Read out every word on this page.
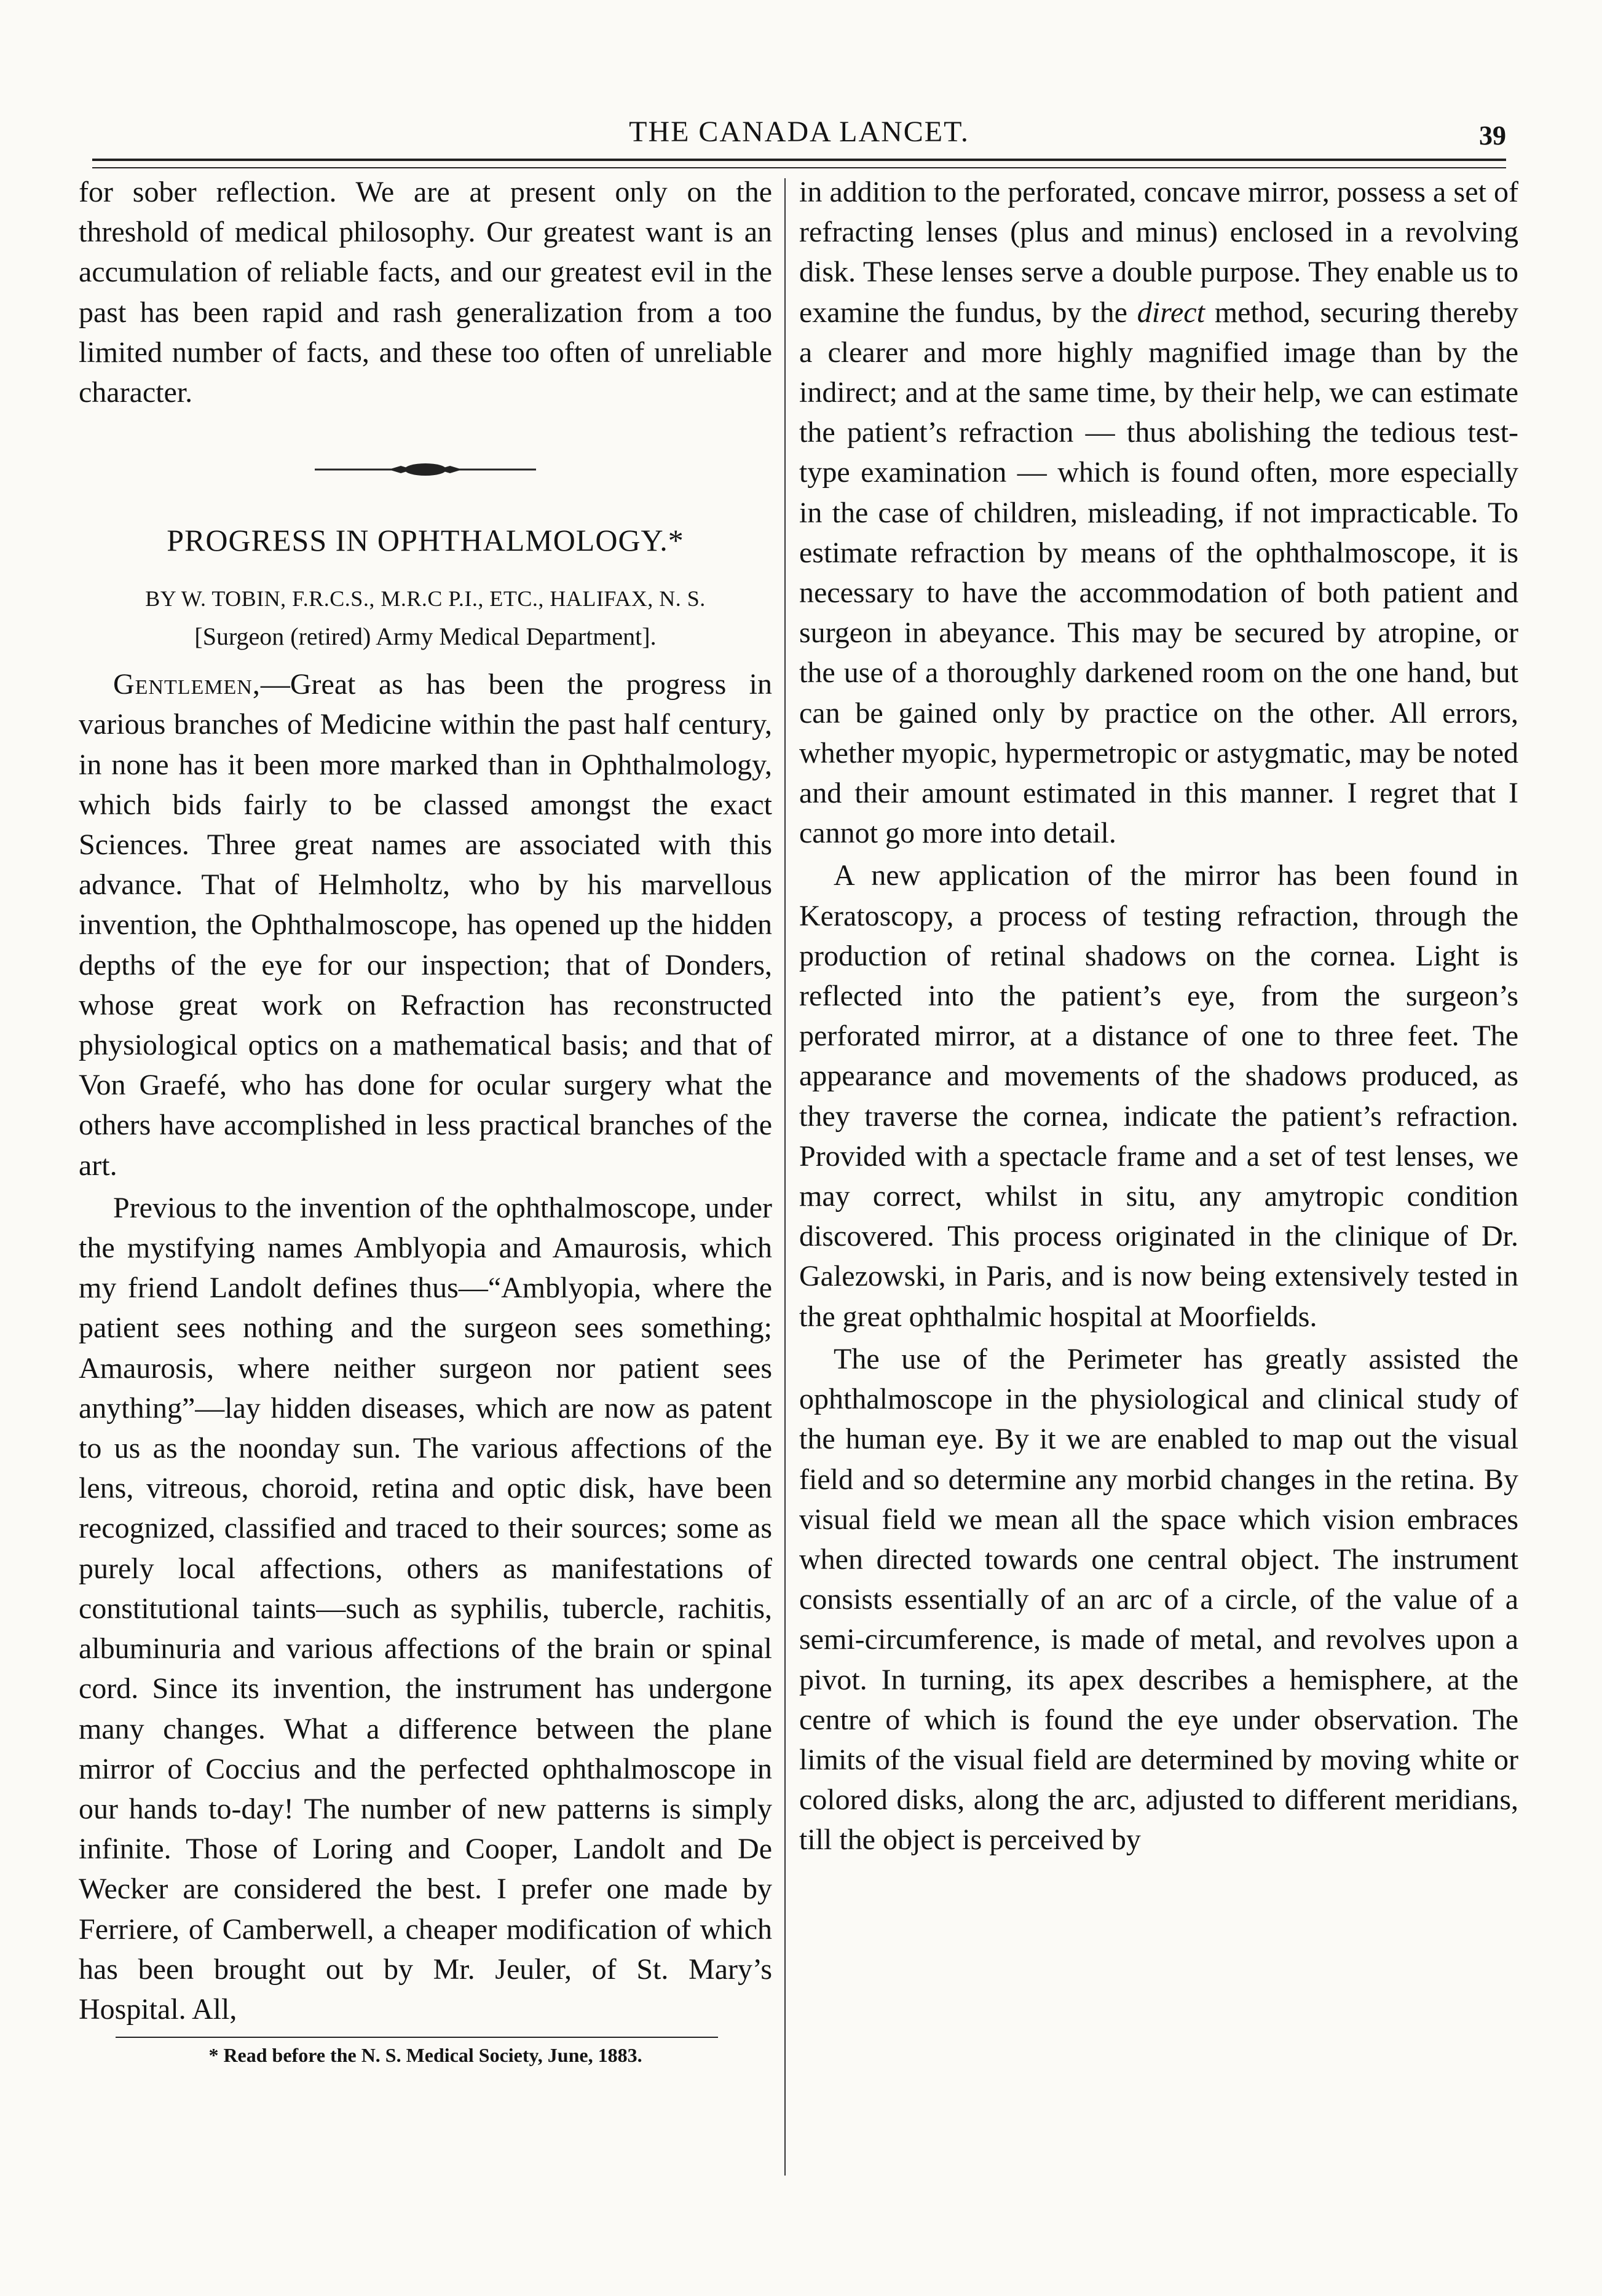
THE CANADA LANCET.	39

for sober reflection. We are at present only on the threshold of medical philosophy. Our greatest want is an accumulation of reliable facts, and our greatest evil in the past has been rapid and rash generalization from a too limited number of facts, and these too often of unreliable character.

PROGRESS IN OPHTHALMOLOGY.*
BY W. TOBIN, F.R.C.S., M.R.C P.I., ETC., HALIFAX, N. S.
[Surgeon (retired) Army Medical Department].

Gentlemen,—Great as has been the progress in various branches of Medicine within the past half century, in none has it been more marked than in Ophthalmology, which bids fairly to be classed amongst the exact Sciences. Three great names are associated with this advance. That of Helmholtz, who by his marvellous invention, the Ophthalmoscope, has opened up the hidden depths of the eye for our inspection; that of Donders, whose great work on Refraction has reconstructed physiological optics on a mathematical basis; and that of Von Graefé, who has done for ocular surgery what the others have accomplished in less practical branches of the art.

Previous to the invention of the ophthalmoscope, under the mystifying names Amblyopia and Amaurosis, which my friend Landolt defines thus—“Amblyopia, where the patient sees nothing and the surgeon sees something; Amaurosis, where neither surgeon nor patient sees anything”—lay hidden diseases, which are now as patent to us as the noonday sun. The various affections of the lens, vitreous, choroid, retina and optic disk, have been recognized, classified and traced to their sources; some as purely local affections, others as manifestations of constitutional taints—such as syphilis, tubercle, rachitis, albuminuria and various affections of the brain or spinal cord. Since its invention, the instrument has undergone many changes. What a difference between the plane mirror of Coccius and the perfected ophthalmoscope in our hands to-day! The number of new patterns is simply infinite. Those of Loring and Cooper, Landolt and De Wecker are considered the best. I prefer one made by Ferriere, of Camberwell, a cheaper modification of which has been brought out by Mr. Jeuler, of St. Mary’s Hospital. All,

* Read before the N. S. Medical Society, June, 1883.

in addition to the perforated, concave mirror, possess a set of refracting lenses (plus and minus) enclosed in a revolving disk. These lenses serve a double purpose. They enable us to examine the fundus, by the direct method, securing thereby a clearer and more highly magnified image than by the indirect; and at the same time, by their help, we can estimate the patient’s refraction — thus abolishing the tedious test-type examination — which is found often, more especially in the case of children, misleading, if not impracticable. To estimate refraction by means of the ophthalmoscope, it is necessary to have the accommodation of both patient and surgeon in abeyance. This may be secured by atropine, or the use of a thoroughly darkened room on the one hand, but can be gained only by practice on the other. All errors, whether myopic, hypermetropic or astygmatic, may be noted and their amount estimated in this manner. I regret that I cannot go more into detail.

A new application of the mirror has been found in Keratoscopy, a process of testing refraction, through the production of retinal shadows on the cornea. Light is reflected into the patient’s eye, from the surgeon’s perforated mirror, at a distance of one to three feet. The appearance and movements of the shadows produced, as they traverse the cornea, indicate the patient’s refraction. Provided with a spectacle frame and a set of test lenses, we may correct, whilst in situ, any amytropic condition discovered. This process originated in the clinique of Dr. Galezowski, in Paris, and is now being extensively tested in the great ophthalmic hospital at Moorfields.

The use of the Perimeter has greatly assisted the ophthalmoscope in the physiological and clinical study of the human eye. By it we are enabled to map out the visual field and so determine any morbid changes in the retina. By visual field we mean all the space which vision embraces when directed towards one central object. The instrument consists essentially of an arc of a circle, of the value of a semi-circumference, is made of metal, and revolves upon a pivot. In turning, its apex describes a hemisphere, at the centre of which is found the eye under observation. The limits of the visual field are determined by moving white or colored disks, along the arc, adjusted to different meridians, till the object is perceived by
